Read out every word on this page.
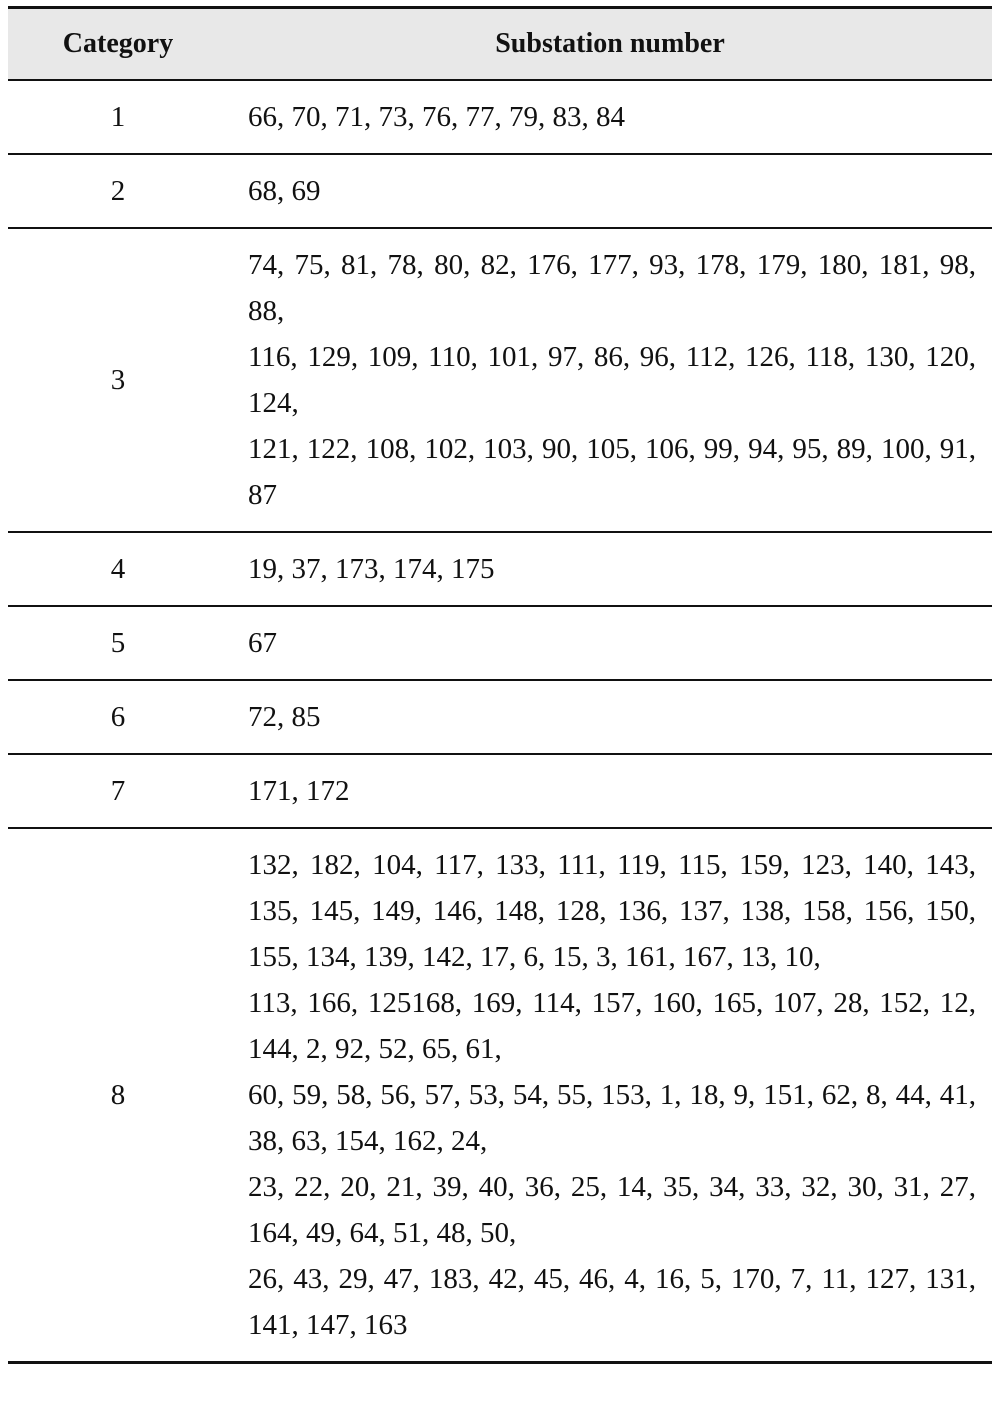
Category	Substation number
1	66, 70, 71, 73, 76, 77, 79, 83, 84

2	68, 69

3	74, 75, 81, 78, 80, 82, 176, 177, 93, 178, 179, 180, 181, 98, 88,
116, 129, 109, 110, 101, 97, 86, 96, 112, 126, 118, 130, 120, 124,
121, 122, 108, 102, 103, 90, 105, 106, 99, 94, 95, 89, 100, 91, 87

4	19, 37, 173, 174, 175

5	67

6	72, 85

7	171, 172

8	132, 182, 104, 117, 133, 111, 119, 115, 159, 123, 140, 143, 135, 145, 149, 146, 148, 128, 136, 137, 138, 158, 156, 150, 155, 134, 139, 142, 17, 6, 15, 3, 161, 167, 13, 10,
113, 166, 125168, 169, 114, 157, 160, 165, 107, 28, 152, 12, 144, 2, 92, 52, 65, 61,
60, 59, 58, 56, 57, 53, 54, 55, 153, 1, 18, 9, 151, 62, 8, 44, 41, 38, 63, 154, 162, 24,
23, 22, 20, 21, 39, 40, 36, 25, 14, 35, 34, 33, 32, 30, 31, 27, 164, 49, 64, 51, 48, 50,
26, 43, 29, 47, 183, 42, 45, 46, 4, 16, 5, 170, 7, 11, 127, 131, 141, 147, 163
